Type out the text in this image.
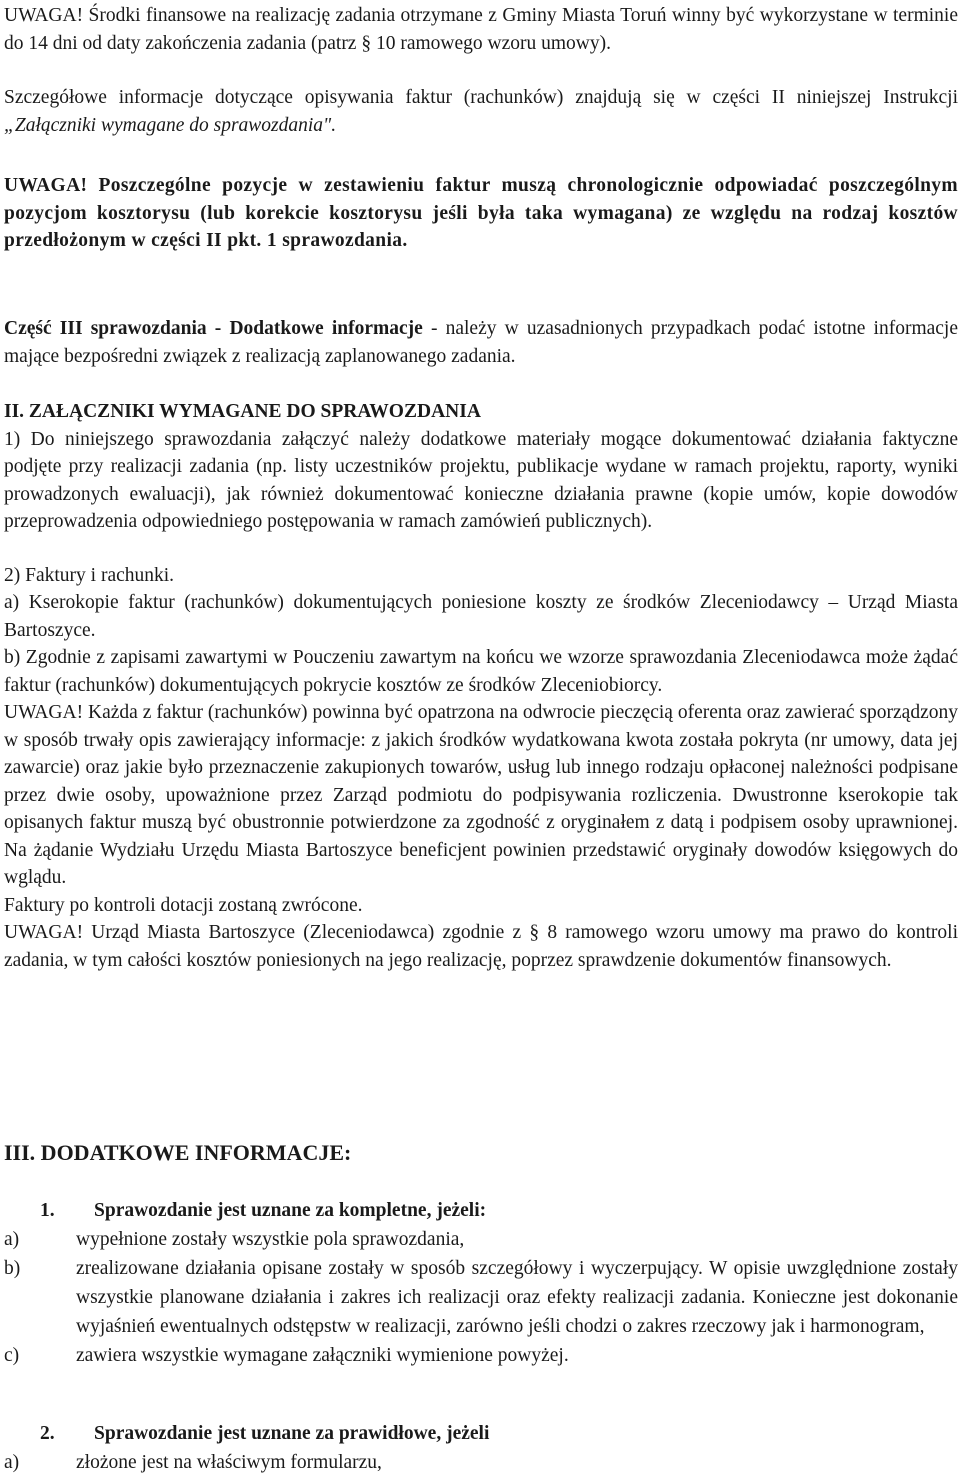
UWAGA! Środki finansowe na realizację zadania otrzymane z Gminy Miasta Toruń winny być wykorzystane w terminie do 14 dni od daty zakończenia zadania (patrz § 10 ramowego wzoru umowy).

Szczegółowe informacje dotyczące opisywania faktur (rachunków) znajdują się w części II niniejszej Instrukcji „Załączniki wymagane do sprawozdania".

UWAGA! Poszczególne pozycje w zestawieniu faktur muszą chronologicznie odpowiadać poszczególnym pozycjom kosztorysu (lub korekcie kosztorysu jeśli była taka wymagana) ze względu na rodzaj kosztów przedłożonym w części II pkt. 1 sprawozdania.

Część III sprawozdania - Dodatkowe informacje - należy w uzasadnionych przypadkach podać istotne informacje mające bezpośredni związek z realizacją zaplanowanego zadania.

II. ZAŁĄCZNIKI WYMAGANE DO SPRAWOZDANIA

1) Do niniejszego sprawozdania załączyć należy dodatkowe materiały mogące dokumentować działania faktyczne podjęte przy realizacji zadania (np. listy uczestników projektu, publikacje wydane w ramach projektu, raporty, wyniki prowadzonych ewaluacji), jak również dokumentować konieczne działania prawne (kopie umów, kopie dowodów przeprowadzenia odpowiedniego postępowania w ramach zamówień publicznych).

2) Faktury i rachunki.

a) Kserokopie faktur (rachunków) dokumentujących poniesione koszty ze środków Zleceniodawcy – Urząd Miasta Bartoszyce.

b) Zgodnie z zapisami zawartymi w Pouczeniu zawartym na końcu we wzorze sprawozdania Zleceniodawca może żądać faktur (rachunków) dokumentujących pokrycie kosztów ze środków Zleceniobiorcy.

UWAGA! Każda z faktur (rachunków) powinna być opatrzona na odwrocie pieczęcią oferenta oraz zawierać sporządzony w sposób trwały opis zawierający informacje: z jakich środków wydatkowana kwota została pokryta (nr umowy, data jej zawarcie) oraz jakie było przeznaczenie zakupionych towarów, usług lub innego rodzaju opłaconej należności podpisane przez dwie osoby, upoważnione przez Zarząd podmiotu do podpisywania rozliczenia. Dwustronne kserokopie tak opisanych faktur muszą być obustronnie potwierdzone za zgodność z oryginałem z datą i podpisem osoby uprawnionej. Na żądanie Wydziału Urzędu Miasta Bartoszyce beneficjent powinien przedstawić oryginały dowodów księgowych do wglądu.

Faktury po kontroli dotacji zostaną zwrócone.

UWAGA! Urząd Miasta Bartoszyce (Zleceniodawca) zgodnie z § 8 ramowego wzoru umowy ma prawo do kontroli zadania, w tym całości kosztów poniesionych na jego realizację, poprzez sprawdzenie dokumentów finansowych.

III. DODATKOWE INFORMACJE:
1.	Sprawozdanie jest uznane za kompletne, jeżeli:
a)	wypełnione zostały wszystkie pola sprawozdania,
b)	zrealizowane działania opisane zostały w sposób szczegółowy i wyczerpujący. W opisie uwzględnione zostały wszystkie planowane działania i zakres ich realizacji oraz efekty realizacji zadania. Konieczne jest dokonanie wyjaśnień ewentualnych odstępstw w realizacji, zarówno jeśli chodzi o zakres rzeczowy jak i harmonogram,
c)	zawiera wszystkie wymagane załączniki wymienione powyżej.
2.	Sprawozdanie jest uznane za prawidłowe, jeżeli
a)	złożone jest na właściwym formularzu,
